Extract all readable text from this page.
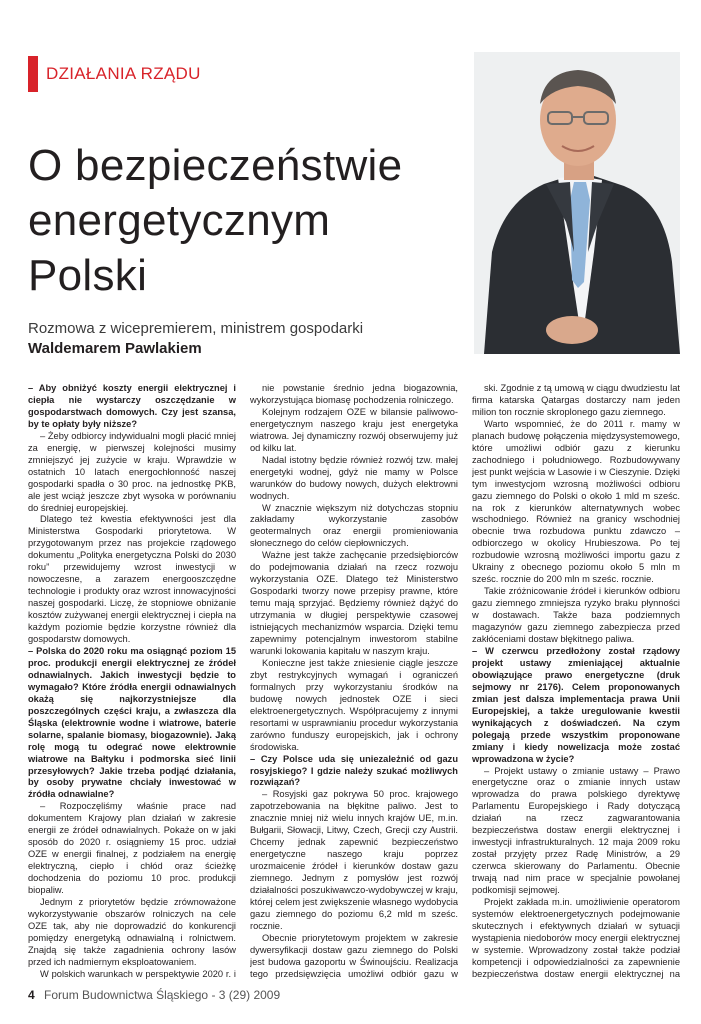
DZIAŁANIA RZĄDU
O bezpieczeństwie
energetycznym
Polski
Rozmowa z wicepremierem, ministrem gospodarki
Waldemarem Pawlakiem

– Aby obniżyć koszty energii elektrycznej i ciepła nie wystarczy oszczędzanie w gospodarstwach domowych. Czy jest szansa, by te opłaty były niższe?

– Żeby odbiorcy indywidualni mogli płacić mniej za energię, w pierwszej kolejności musimy zmniejszyć jej zużycie w kraju. Wprawdzie w ostatnich 10 latach energochłonność naszej gospodarki spadła o 30 proc. na jednostkę PKB, ale jest wciąż jeszcze zbyt wysoka w porównaniu do średniej europejskiej.

Dlatego też kwestia efektywności jest dla Ministerstwa Gospodarki priorytetowa. W przygotowanym przez nas projekcie rządowego dokumentu „Polityka energetyczna Polski do 2030 roku” przewidujemy wzrost inwestycji w nowoczesne, a zarazem energooszczędne technologie i produkty oraz wzrost innowacyjności naszej gospodarki. Liczę, że stopniowe obniżanie kosztów zużywanej energii elektrycznej i ciepła na każdym poziomie będzie korzystne również dla gospodarstw domowych.

– Polska do 2020 roku ma osiągnąć poziom 15 proc. produkcji energii elektrycznej ze źródeł odnawialnych. Jakich inwestycji będzie to wymagało? Które źródła energii odnawialnych okażą się najkorzystniejsze dla poszczególnych części kraju, a zwłaszcza dla Śląska (elektrownie wodne i wiatrowe, baterie solarne, spalanie biomasy, biogazownie). Jaką rolę mogą tu odegrać nowe elektrownie wiatrowe na Bałtyku i podmorska sieć linii przesyłowych? Jakie trzeba podjąć działania, by osoby prywatne chciały inwestować w źródła odnawialne?

– Rozpoczęliśmy właśnie prace nad dokumentem Krajowy plan działań w zakresie energii ze źródeł odnawialnych. Pokaże on w jaki sposób do 2020 r. osiągniemy 15 proc. udział OZE w energii finalnej, z podziałem na energię elektryczną, ciepło i chłód oraz ścieżkę dochodzenia do poziomu 10 proc. produkcji biopaliw.

Jednym z priorytetów będzie zrównoważone wykorzystywanie obszarów rolniczych na cele OZE tak, aby nie doprowadzić do konkurencji pomiędzy energetyką odnawialną i rolnictwem. Znajdą się także zagadnienia ochrony lasów przed ich nadmiernym eksploatowaniem.

W polskich warunkach w perspektywie 2020 r. i

nie powstanie średnio jedna biogazownia, wykorzystująca biomasę pochodzenia rolniczego.

Kolejnym rodzajem OZE w bilansie paliwowo-energetycznym naszego kraju jest energetyka wiatrowa. Jej dynamiczny rozwój obserwujemy już od kilku lat.

Nadal istotny będzie również rozwój tzw. małej energetyki wodnej, gdyż nie mamy w Polsce warunków do budowy nowych, dużych elektrowni wodnych.

W znacznie większym niż dotychczas stopniu zakładamy wykorzystanie zasobów geotermalnych oraz energii promieniowania słonecznego do celów ciepłowniczych.

Ważne jest także zachęcanie przedsiębiorców do podejmowania działań na rzecz rozwoju wykorzystania OZE. Dlatego też Ministerstwo Gospodarki tworzy nowe przepisy prawne, które temu mają sprzyjać. Będziemy również dążyć do utrzymania w długiej perspektywie czasowej istniejących mechanizmów wsparcia. Dzięki temu zapewnimy potencjalnym inwestorom stabilne warunki lokowania kapitału w naszym kraju.

Konieczne jest także zniesienie ciągle jeszcze zbyt restrykcyjnych wymagań i ograniczeń formalnych przy wykorzystaniu środków na budowę nowych jednostek OZE i sieci elektroenergetycznych. Współpracujemy z innymi resortami w usprawnianiu procedur wykorzystania zarówno funduszy europejskich, jak i ochrony środowiska.

– Czy Polsce uda się uniezależnić od gazu rosyjskiego? I gdzie należy szukać możliwych rozwiązań?

– Rosyjski gaz pokrywa 50 proc. krajowego zapotrzebowania na błękitne paliwo. Jest to znacznie mniej niż wielu innych krajów UE, m.in. Bułgarii, Słowacji, Litwy, Czech, Grecji czy Austrii. Chcemy jednak zapewnić bezpieczeństwo energetyczne naszego kraju poprzez urozmaicenie źródeł i kierunków dostaw gazu ziemnego. Jednym z pomysłów jest rozwój działalności poszukiwawczo-wydobywczej w kraju, której celem jest zwiększenie własnego wydobycia gazu ziemnego do poziomu 6,2 mld m sześc. rocznie.

Obecnie priorytetowym projektem w zakresie dywersyfikacji dostaw gazu ziemnego do Polski jest budowa gazoportu w Świnoujściu. Realizacja tego przedsięwzięcia umożliwi odbiór gazu w

ski. Zgodnie z tą umową w ciągu dwudziestu lat firma katarska Qatargas dostarczy nam jeden milion ton rocznie skroplonego gazu ziemnego.

Warto wspomnieć, że do 2011 r. mamy w planach budowę połączenia międzysystemowego, które umożliwi odbiór gazu z kierunku zachodniego i południowego. Rozbudowywany jest punkt wejścia w Lasowie i w Cieszynie. Dzięki tym inwestycjom wzrosną możliwości odbioru gazu ziemnego do Polski o około 1 mld m sześc. na rok z kierunków alternatywnych wobec wschodniego. Również na granicy wschodniej obecnie trwa rozbudowa punktu zdawczo – odbiorczego w okolicy Hrubieszowa. Po tej rozbudowie wzrosną możliwości importu gazu z Ukrainy z obecnego poziomu około 5 mln m sześc. rocznie do 200 mln m sześc. rocznie.

Takie zróżnicowanie źródeł i kierunków odbioru gazu ziemnego zmniejsza ryzyko braku płynności w dostawach. Także baza podziemnych magazynów gazu ziemnego zabezpiecza przed zakłóceniami dostaw błękitnego paliwa.

– W czerwcu przedłożony został rządowy projekt ustawy zmieniającej aktualnie obowiązujące prawo energetyczne (druk sejmowy nr 2176). Celem proponowanych zmian jest dalsza implementacja prawa Unii Europejskiej, a także uregulowanie kwestii wynikających z doświadczeń. Na czym polegają przede wszystkim proponowane zmiany i kiedy nowelizacja może zostać wprowadzona w życie?

– Projekt ustawy o zmianie ustawy – Prawo energetyczne oraz o zmianie innych ustaw wprowadza do prawa polskiego dyrektywę Parlamentu Europejskiego i Rady dotyczącą działań na rzecz zagwarantowania bezpieczeństwa dostaw energii elektrycznej i inwestycji infrastrukturalnych. 12 maja 2009 roku został przyjęty przez Radę Ministrów, a 29 czerwca skierowany do Parlamentu. Obecnie trwają nad nim prace w specjalnie powołanej podkomisji sejmowej.

Projekt zakłada m.in. umożliwienie operatorom systemów elektroenergetycznych podejmowanie skutecznych i efektywnych działań w sytuacji wystąpienia niedoborów mocy energii elektrycznej w systemie. Wprowadzony został także podział kompetencji i odpowiedzialności za zapewnienie bezpieczeństwa dostaw energii elektrycznej na

4 Forum Budownictwa Śląskiego - 3 (29) 2009
